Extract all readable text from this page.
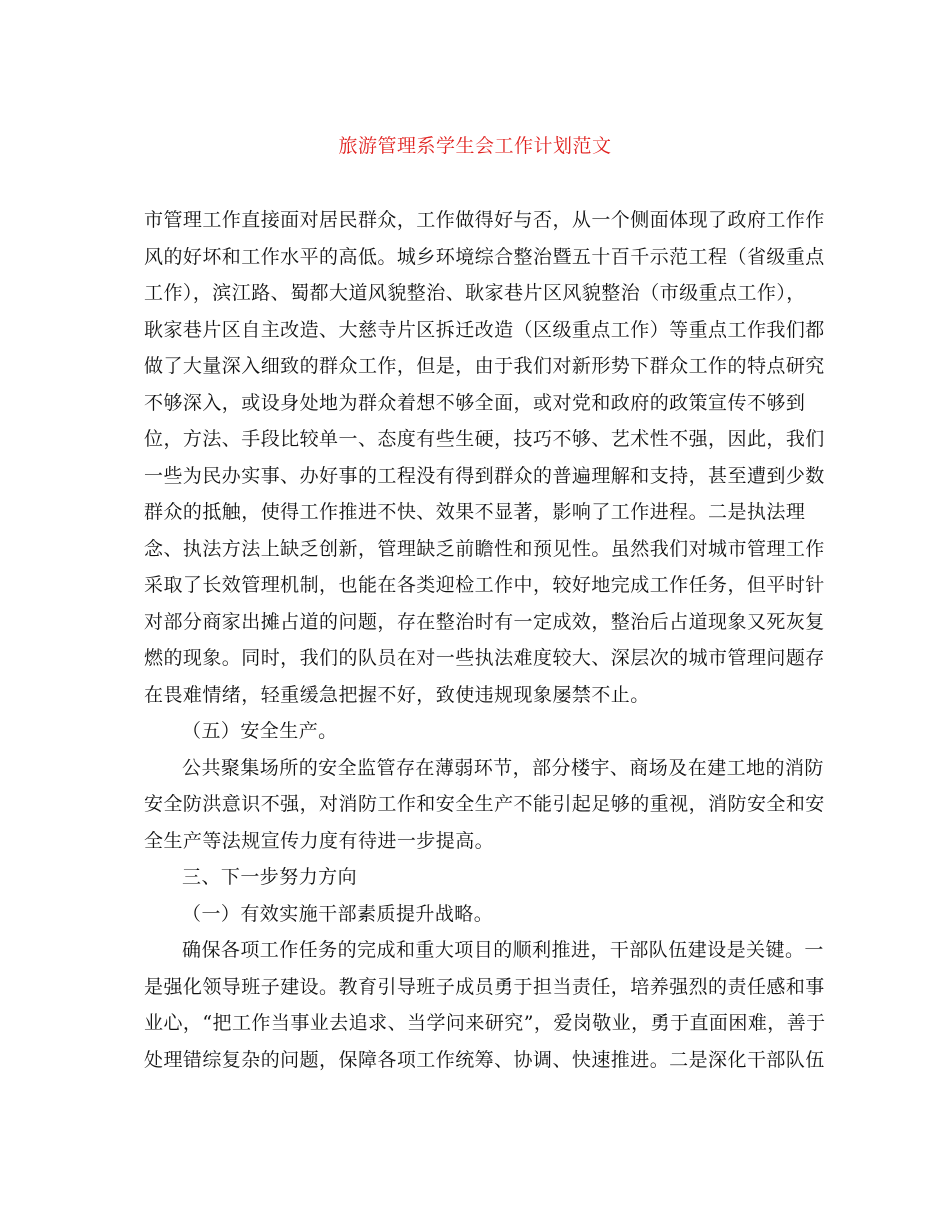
旅游管理系学生会工作计划范文
市管理工作直接面对居民群众，工作做得好与否，从一个侧面体现了政府工作作
风的好坏和工作水平的高低。城乡环境综合整治暨五十百千示范工程（省级重点
工作），滨江路、蜀都大道风貌整治、耿家巷片区风貌整治（市级重点工作），
耿家巷片区自主改造、大慈寺片区拆迁改造（区级重点工作）等重点工作我们都
做了大量深入细致的群众工作，但是，由于我们对新形势下群众工作的特点研究
不够深入，或设身处地为群众着想不够全面，或对党和政府的政策宣传不够到
位，方法、手段比较单一、态度有些生硬，技巧不够、艺术性不强，因此，我们
一些为民办实事、办好事的工程没有得到群众的普遍理解和支持，甚至遭到少数
群众的抵触，使得工作推进不快、效果不显著，影响了工作进程。二是执法理
念、执法方法上缺乏创新，管理缺乏前瞻性和预见性。虽然我们对城市管理工作
采取了长效管理机制，也能在各类迎检工作中，较好地完成工作任务，但平时针
对部分商家出摊占道的问题，存在整治时有一定成效，整治后占道现象又死灰复
燃的现象。同时，我们的队员在对一些执法难度较大、深层次的城市管理问题存
在畏难情绪，轻重缓急把握不好，致使违规现象屡禁不止。
（五）安全生产。
公共聚集场所的安全监管存在薄弱环节，部分楼宇、商场及在建工地的消防
安全防洪意识不强，对消防工作和安全生产不能引起足够的重视，消防安全和安
全生产等法规宣传力度有待进一步提高。
三、下一步努力方向
（一）有效实施干部素质提升战略。
确保各项工作任务的完成和重大项目的顺利推进，干部队伍建设是关键。一
是强化领导班子建设。教育引导班子成员勇于担当责任，培养强烈的责任感和事
业心，“把工作当事业去追求、当学问来研究”，爱岗敬业，勇于直面困难，善于
处理错综复杂的问题，保障各项工作统筹、协调、快速推进。二是深化干部队伍
